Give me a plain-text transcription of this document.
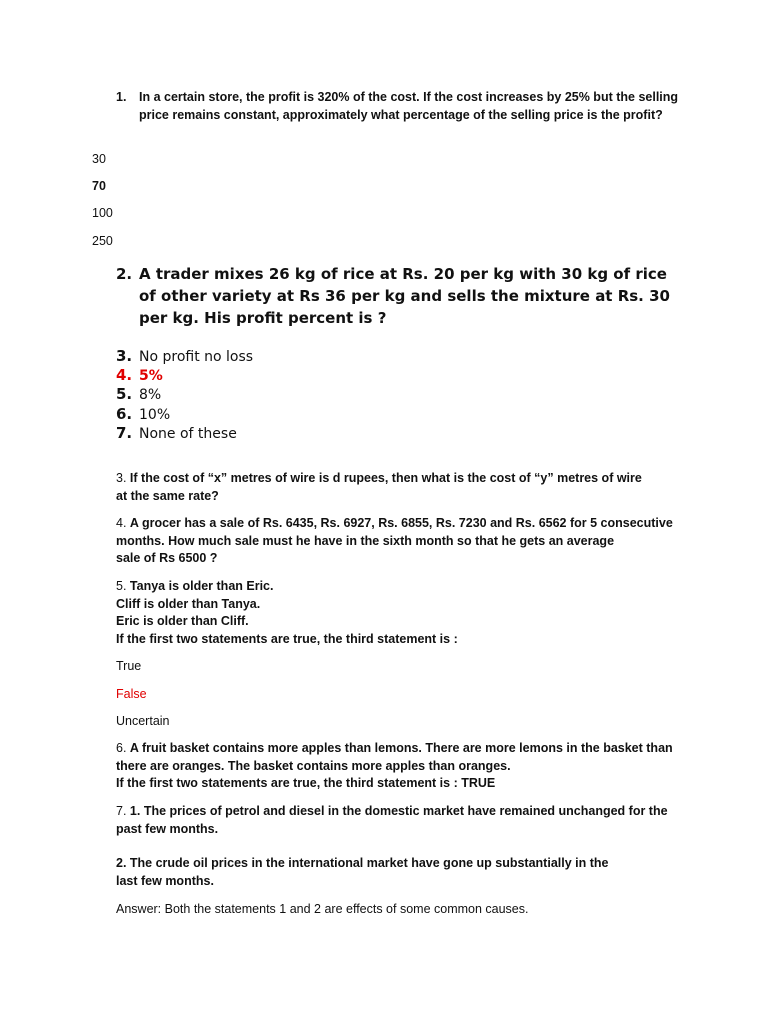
1. In a certain store, the profit is 320% of the cost. If the cost increases by 25% but the selling price remains constant, approximately what percentage of the selling price is the profit?
30
70
100
250
2. A trader mixes 26 kg of rice at Rs. 20 per kg with 30 kg of rice of other variety at Rs 36 per kg and sells the mixture at Rs. 30 per kg. His profit percent is ?
3. No profit no loss
4. 5%
5. 8%
6. 10%
7. None of these
3. If the cost of “x” metres of wire is d rupees, then what is the cost of “y” metres of wire
at the same rate?
4. A grocer has a sale of Rs. 6435, Rs. 6927, Rs. 6855, Rs. 7230 and Rs. 6562 for 5 consecutive
months. How much sale must he have in the sixth month so that he gets an average
sale of Rs 6500 ?
5. Tanya is older than Eric.
Cliff is older than Tanya.
Eric is older than Cliff.
If the first two statements are true, the third statement is :
True
False
Uncertain
6. A fruit basket contains more apples than lemons. There are more lemons in the basket than
there are oranges. The basket contains more apples than oranges.
If the first two statements are true, the third statement is : TRUE
7. 1. The prices of petrol and diesel in the domestic market have remained unchanged for the
past few months.
2. The crude oil prices in the international market have gone up substantially in the
last few months.
Answer: Both the statements 1 and 2 are effects of some common causes.
